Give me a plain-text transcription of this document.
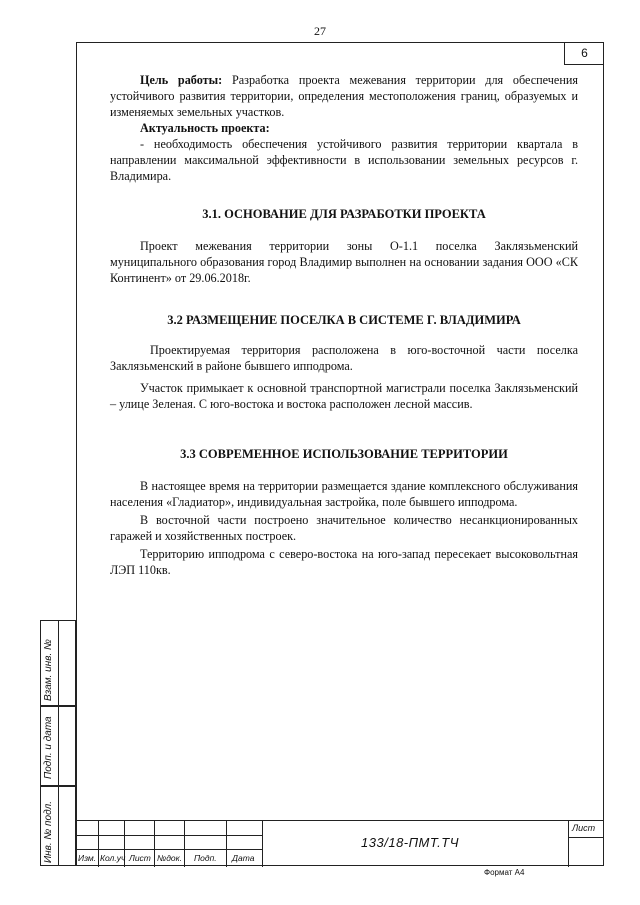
27
6

Цель работы: Разработка проекта межевания территории для обеспечения устойчивого развития территории, определения местоположения границ, образуемых и изменяемых земельных участков.

Актуальность проекта:

- необходимость обеспечения устойчивого развития территории квартала в направлении максимальной эффективности в использовании земельных ресурсов г. Владимира.

3.1. ОСНОВАНИЕ ДЛЯ РАЗРАБОТКИ ПРОЕКТА

Проект межевания территории зоны О-1.1 поселка Заклязьменский муниципального образования город Владимир выполнен на основании задания ООО «СК Континент» от 29.06.2018г.

3.2 РАЗМЕЩЕНИЕ ПОСЕЛКА В СИСТЕМЕ Г. ВЛАДИМИРА

Проектируемая территория расположена в юго-восточной части поселка Заклязьменский в районе бывшего ипподрома.

Участок примыкает к основной транспортной магистрали поселка Заклязьменский – улице Зеленая. С юго-востока и востока расположен лесной массив.

3.3 СОВРЕМЕННОЕ ИСПОЛЬЗОВАНИЕ ТЕРРИТОРИИ

В настоящее время на территории размещается здание комплексного обслуживания населения «Гладиатор», индивидуальная застройка, поле бывшего ипподрома.

В восточной части построено значительное количество несанкционированных гаражей и хозяйственных построек.

Территорию ипподрома с северо-востока на юго-запад пересекает высоковольтная ЛЭП 110кв.

Взам. инв. №
Подп. и дата
Инв. № подл.	Изм. Кол.уч Лист №док. Подп. Дата
133/18-ПМТ.ТЧ
Лист
Формат А4
